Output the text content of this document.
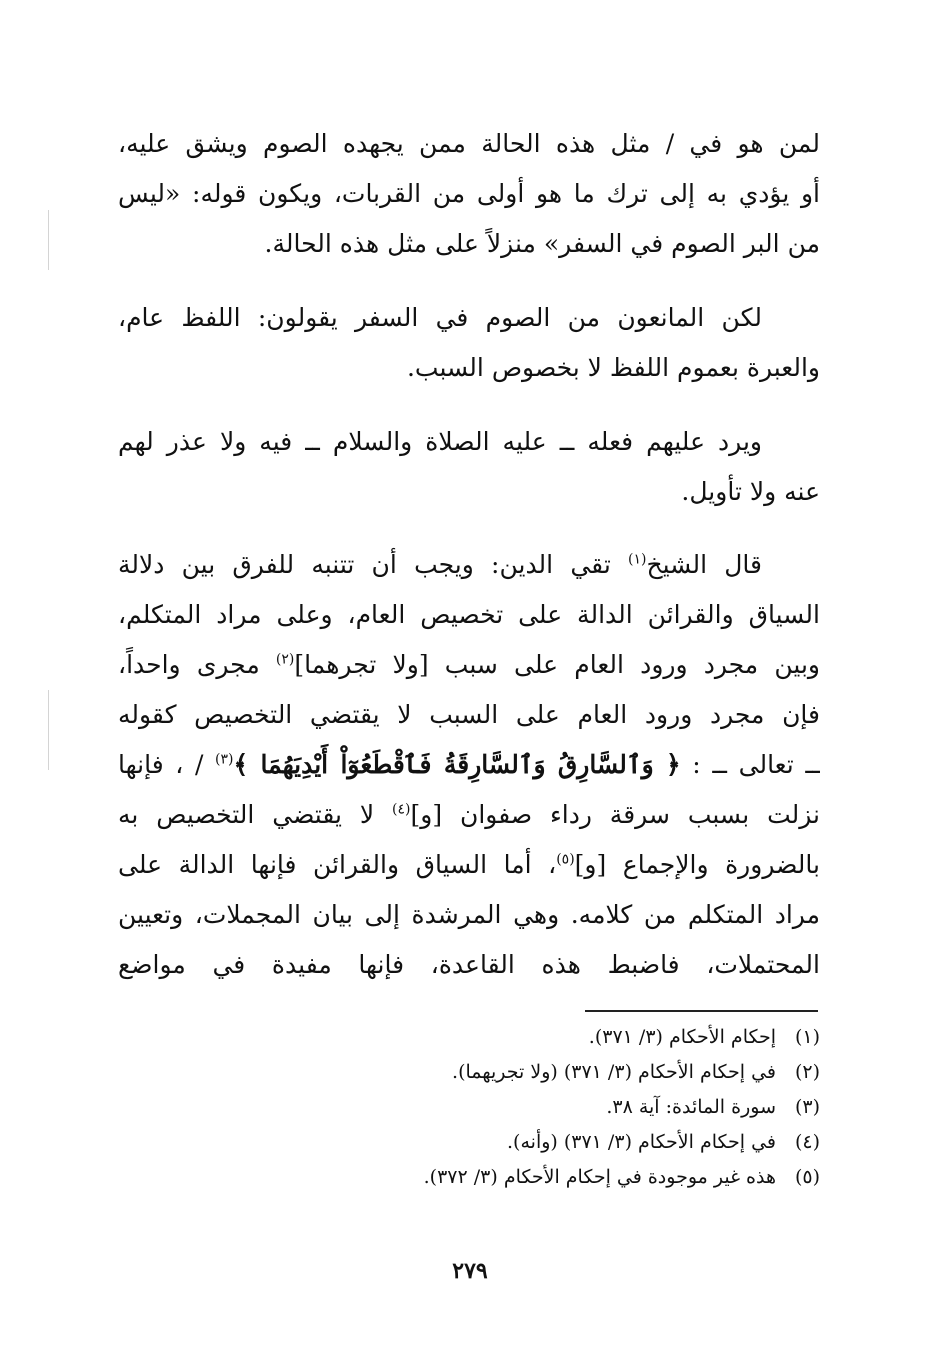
لمن هو في / مثل هذه الحالة ممن يجهده الصوم ويشق عليه،
أو يؤدي به إلى ترك ما هو أولى من القربات، ويكون قوله: «ليس
من البر الصوم في السفر» منزلاً على مثل هذه الحالة.
لكن المانعون من الصوم في السفر يقولون: اللفظ عام،
والعبرة بعموم اللفظ لا بخصوص السبب.
ويرد عليهم فعله ــ عليه الصلاة والسلام ــ فيه ولا عذر لهم
عنه ولا تأويل.
قال الشيخ$^{(١)}$ تقي الدين: ويجب أن تتنبه للفرق بين دلالة
السياق والقرائن الدالة على تخصيص العام، وعلى مراد المتكلم،
وبين مجرد ورود العام على سبب [ولا تجرهما]$^{(٢)}$ مجرى واحداً،
فإن مجرد ورود العام على السبب لا يقتضي التخصيص كقوله
ــ تعالى ــ : ﴿ وَٱلسَّارِقُ وَٱلسَّارِقَةُ فَٱقْطَعُوٓاْ أَيْدِيَهُمَا ﴾$^{(٣)}$ / ، فإنها
نزلت بسبب سرقة رداء صفوان [و]$^{(٤)}$ لا يقتضي التخصيص به
بالضرورة والإجماع [و]$^{(٥)}$، أما السياق والقرائن فإنها الدالة على
مراد المتكلم من كلامه. وهي المرشدة إلى بيان المجملات، وتعيين
المحتملات، فاضبط هذه القاعدة، فإنها مفيدة في مواضع
(١)إحكام الأحكام (٣/ ٣٧١).
(٢)في إحكام الأحكام (٣/ ٣٧١) (ولا تجريهما).
(٣)سورة المائدة: آية ٣٨.
(٤)في إحكام الأحكام (٣/ ٣٧١) (وأنه).
(٥)هذه غير موجودة في إحكام الأحكام (٣/ ٣٧٢).
٢٧٩
